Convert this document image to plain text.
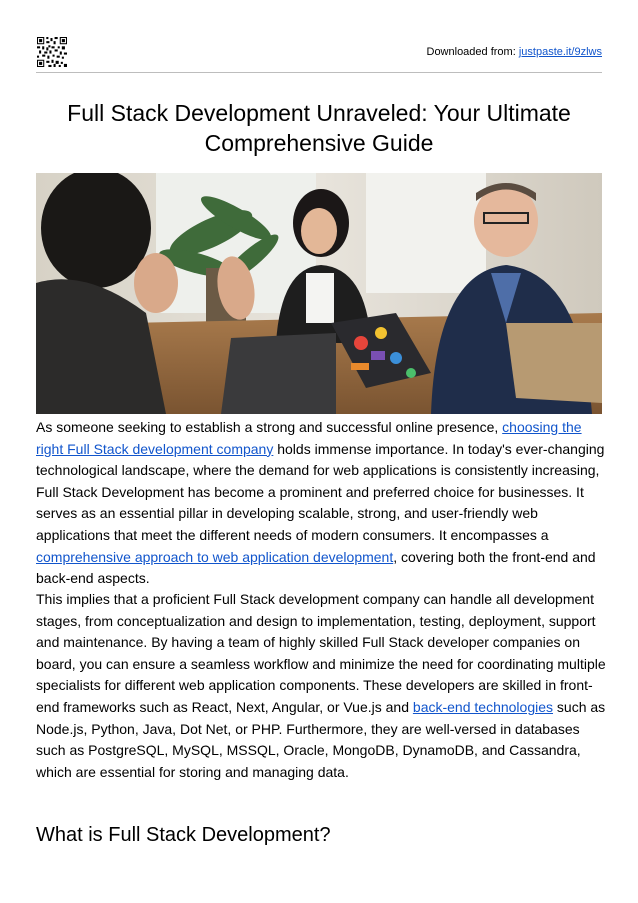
Downloaded from: justpaste.it/9zlws
Full Stack Development Unraveled: Your Ultimate Comprehensive Guide

As someone seeking to establish a strong and successful online presence, choosing the right Full Stack development company holds immense importance. In today's ever-changing technological landscape, where the demand for web applications is consistently increasing, Full Stack Development has become a prominent and preferred choice for businesses. It serves as an essential pillar in developing scalable, strong, and user-friendly web applications that meet the different needs of modern consumers. It encompasses a comprehensive approach to web application development, covering both the front-end and back-end aspects.

This implies that a proficient Full Stack development company can handle all development stages, from conceptualization and design to implementation, testing, deployment, support and maintenance. By having a team of highly skilled Full Stack developer companies on board, you can ensure a seamless workflow and minimize the need for coordinating multiple specialists for different web application components. These developers are skilled in front-end frameworks such as React, Next, Angular, or Vue.js and back-end technologies such as Node.js, Python, Java, Dot Net, or PHP. Furthermore, they are well-versed in databases such as PostgreSQL, MySQL, MSSQL, Oracle, MongoDB, DynamoDB, and Cassandra, which are essential for storing and managing data.

What is Full Stack Development?
